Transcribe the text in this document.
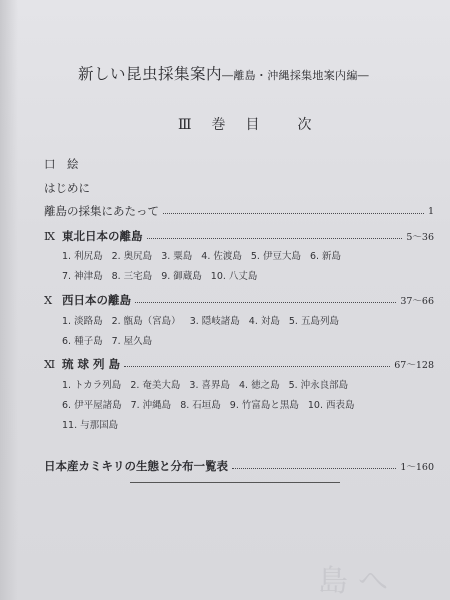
新しい昆虫採集案内―離島・沖縄採集地案内編―
Ⅲ 巻 目	次
口　絵
はじめに
離島の採集にあたって	1
Ⅸ 東北日本の離島	5～36
1. 利尻島 2. 奥尻島 3. 粟島 4. 佐渡島 5. 伊豆大島 6. 新島
7. 神津島 8. 三宅島 9. 御蔵島 10. 八丈島
Ⅹ 西日本の離島	37～66
1. 淡路島 2. 甑島（宮島） 3. 隠岐諸島 4. 対島 5. 五島列島
6. 種子島 7. 屋久島
Ⅺ 琉 球 列 島	67～128
1. トカラ列島 2. 奄美大島 3. 喜界島 4. 徳之島 5. 沖永良部島
6. 伊平屋諸島 7. 沖縄島 8. 石垣島 9. 竹富島と黒島 10. 西表島
11. 与那国島
日本産カミキリの生態と分布一覧表	1～160
島へ
